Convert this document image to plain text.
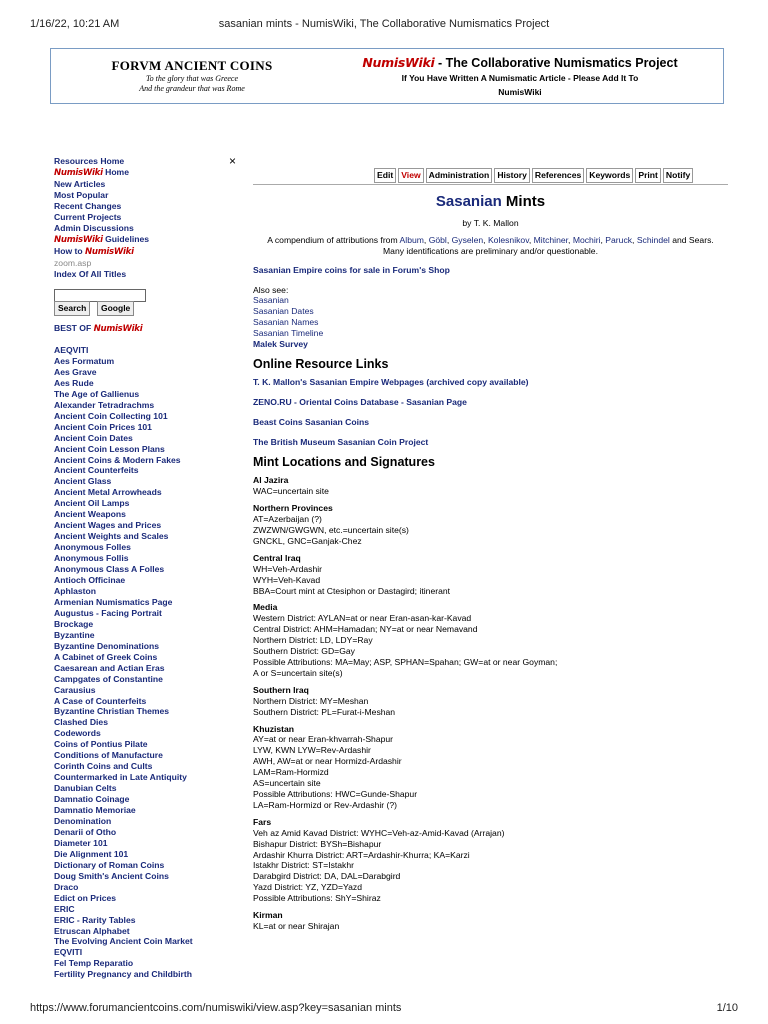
1/16/22, 10:21 AM	sasanian mints - NumisWiki, The Collaborative Numismatics Project
https://www.forumancientcoins.com/numiswiki/view.asp?key=sasanian mints	1/10
FORVM ANCIENT COINS
To the glory that was Greece
And the grandeur that was Rome
NumisWiki - The Collaborative Numismatics Project
If You Have Written A Numismatic Article - Please Add It To
NumisWiki
×
Resources Home
NumisWiki Home
New Articles
Most Popular
Recent Changes
Current Projects
Admin Discussions
NumisWiki Guidelines
How to NumisWiki
zoom.asp
Index Of All Titles
Search	Google
BEST OF NumisWiki
AEQVITI
Aes Formatum
Aes Grave
Aes Rude
The Age of Gallienus
Alexander Tetradrachms
Ancient Coin Collecting 101
Ancient Coin Prices 101
Ancient Coin Dates
Ancient Coin Lesson Plans
Ancient Coins & Modern Fakes
Ancient Counterfeits
Ancient Glass
Ancient Metal Arrowheads
Ancient Oil Lamps
Ancient Weapons
Ancient Wages and Prices
Ancient Weights and Scales
Anonymous Folles
Anonymous Follis
Anonymous Class A Folles
Antioch Officinae
Aphlaston
Armenian Numismatics Page
Augustus - Facing Portrait
Brockage
Byzantine
Byzantine Denominations
A Cabinet of Greek Coins
Caesarean and Actian Eras
Campgates of Constantine
Carausius
A Case of Counterfeits
Byzantine Christian Themes
Clashed Dies
Codewords
Coins of Pontius Pilate
Conditions of Manufacture
Corinth Coins and Cults
Countermarked in Late Antiquity
Danubian Celts
Damnatio Coinage
Damnatio Memoriae
Denomination
Denarii of Otho
Diameter 101
Die Alignment 101
Dictionary of Roman Coins
Doug Smith's Ancient Coins
Draco
Edict on Prices
ERIC
ERIC - Rarity Tables
Etruscan Alphabet
The Evolving Ancient Coin Market
EQVITI
Fel Temp Reparatio
Fertility Pregnancy and Childbirth
Edit View Administration History References Keywords Print Notify
Sasanian Mints
by T. K. Mallon
A compendium of attributions from Album, Göbl, Gyselen, Kolesnikov, Mitchiner, Mochiri, Paruck, Schindel and Sears.
Many identifications are preliminary and/or questionable.
Sasanian Empire coins for sale in Forum's Shop
Also see:
Sasanian
Sasanian Dates
Sasanian Names
Sasanian Timeline
Malek Survey
Online Resource Links
T. K. Mallon's Sasanian Empire Webpages (archived copy available)
ZENO.RU - Oriental Coins Database - Sasanian Page
Beast Coins Sasanian Coins
The British Museum Sasanian Coin Project
Mint Locations and Signatures
Al Jazira
WAC=uncertain site
Northern Provinces
AT=Azerbaijan (?)
ZWZWN/GWGWN, etc.=uncertain site(s)
GNCKL, GNC=Ganjak-Chez
Central Iraq
WH=Veh-Ardashir
WYH=Veh-Kavad
BBA=Court mint at Ctesiphon or Dastagird; itinerant
Media
Western District: AYLAN=at or near Eran-asan-kar-Kavad
Central District: AHM=Hamadan; NY=at or near Nemavand
Northern District: LD, LDY=Ray
Southern District: GD=Gay
Possible Attributions: MA=May; ASP, SPHAN=Spahan; GW=at or near Goyman;
A or S=uncertain site(s)
Southern Iraq
Northern District: MY=Meshan
Southern District: PL=Furat-i-Meshan
Khuzistan
AY=at or near Eran-khvarrah-Shapur
LYW, KWN LYW=Rev-Ardashir
AWH, AW=at or near Hormizd-Ardashir
LAM=Ram-Hormizd
AS=uncertain site
Possible Attributions: HWC=Gunde-Shapur
LA=Ram-Hormizd or Rev-Ardashir (?)
Fars
Veh az Amid Kavad District: WYHC=Veh-az-Amid-Kavad (Arrajan)
Bishapur District: BYSh=Bishapur
Ardashir Khurra District: ART=Ardashir-Khurra; KA=Karzi
Istakhr District: ST=Istakhr
Darabgird District: DA, DAL=Darabgird
Yazd District: YZ, YZD=Yazd
Possible Attributions: ShY=Shiraz
Kirman
KL=at or near Shirajan
